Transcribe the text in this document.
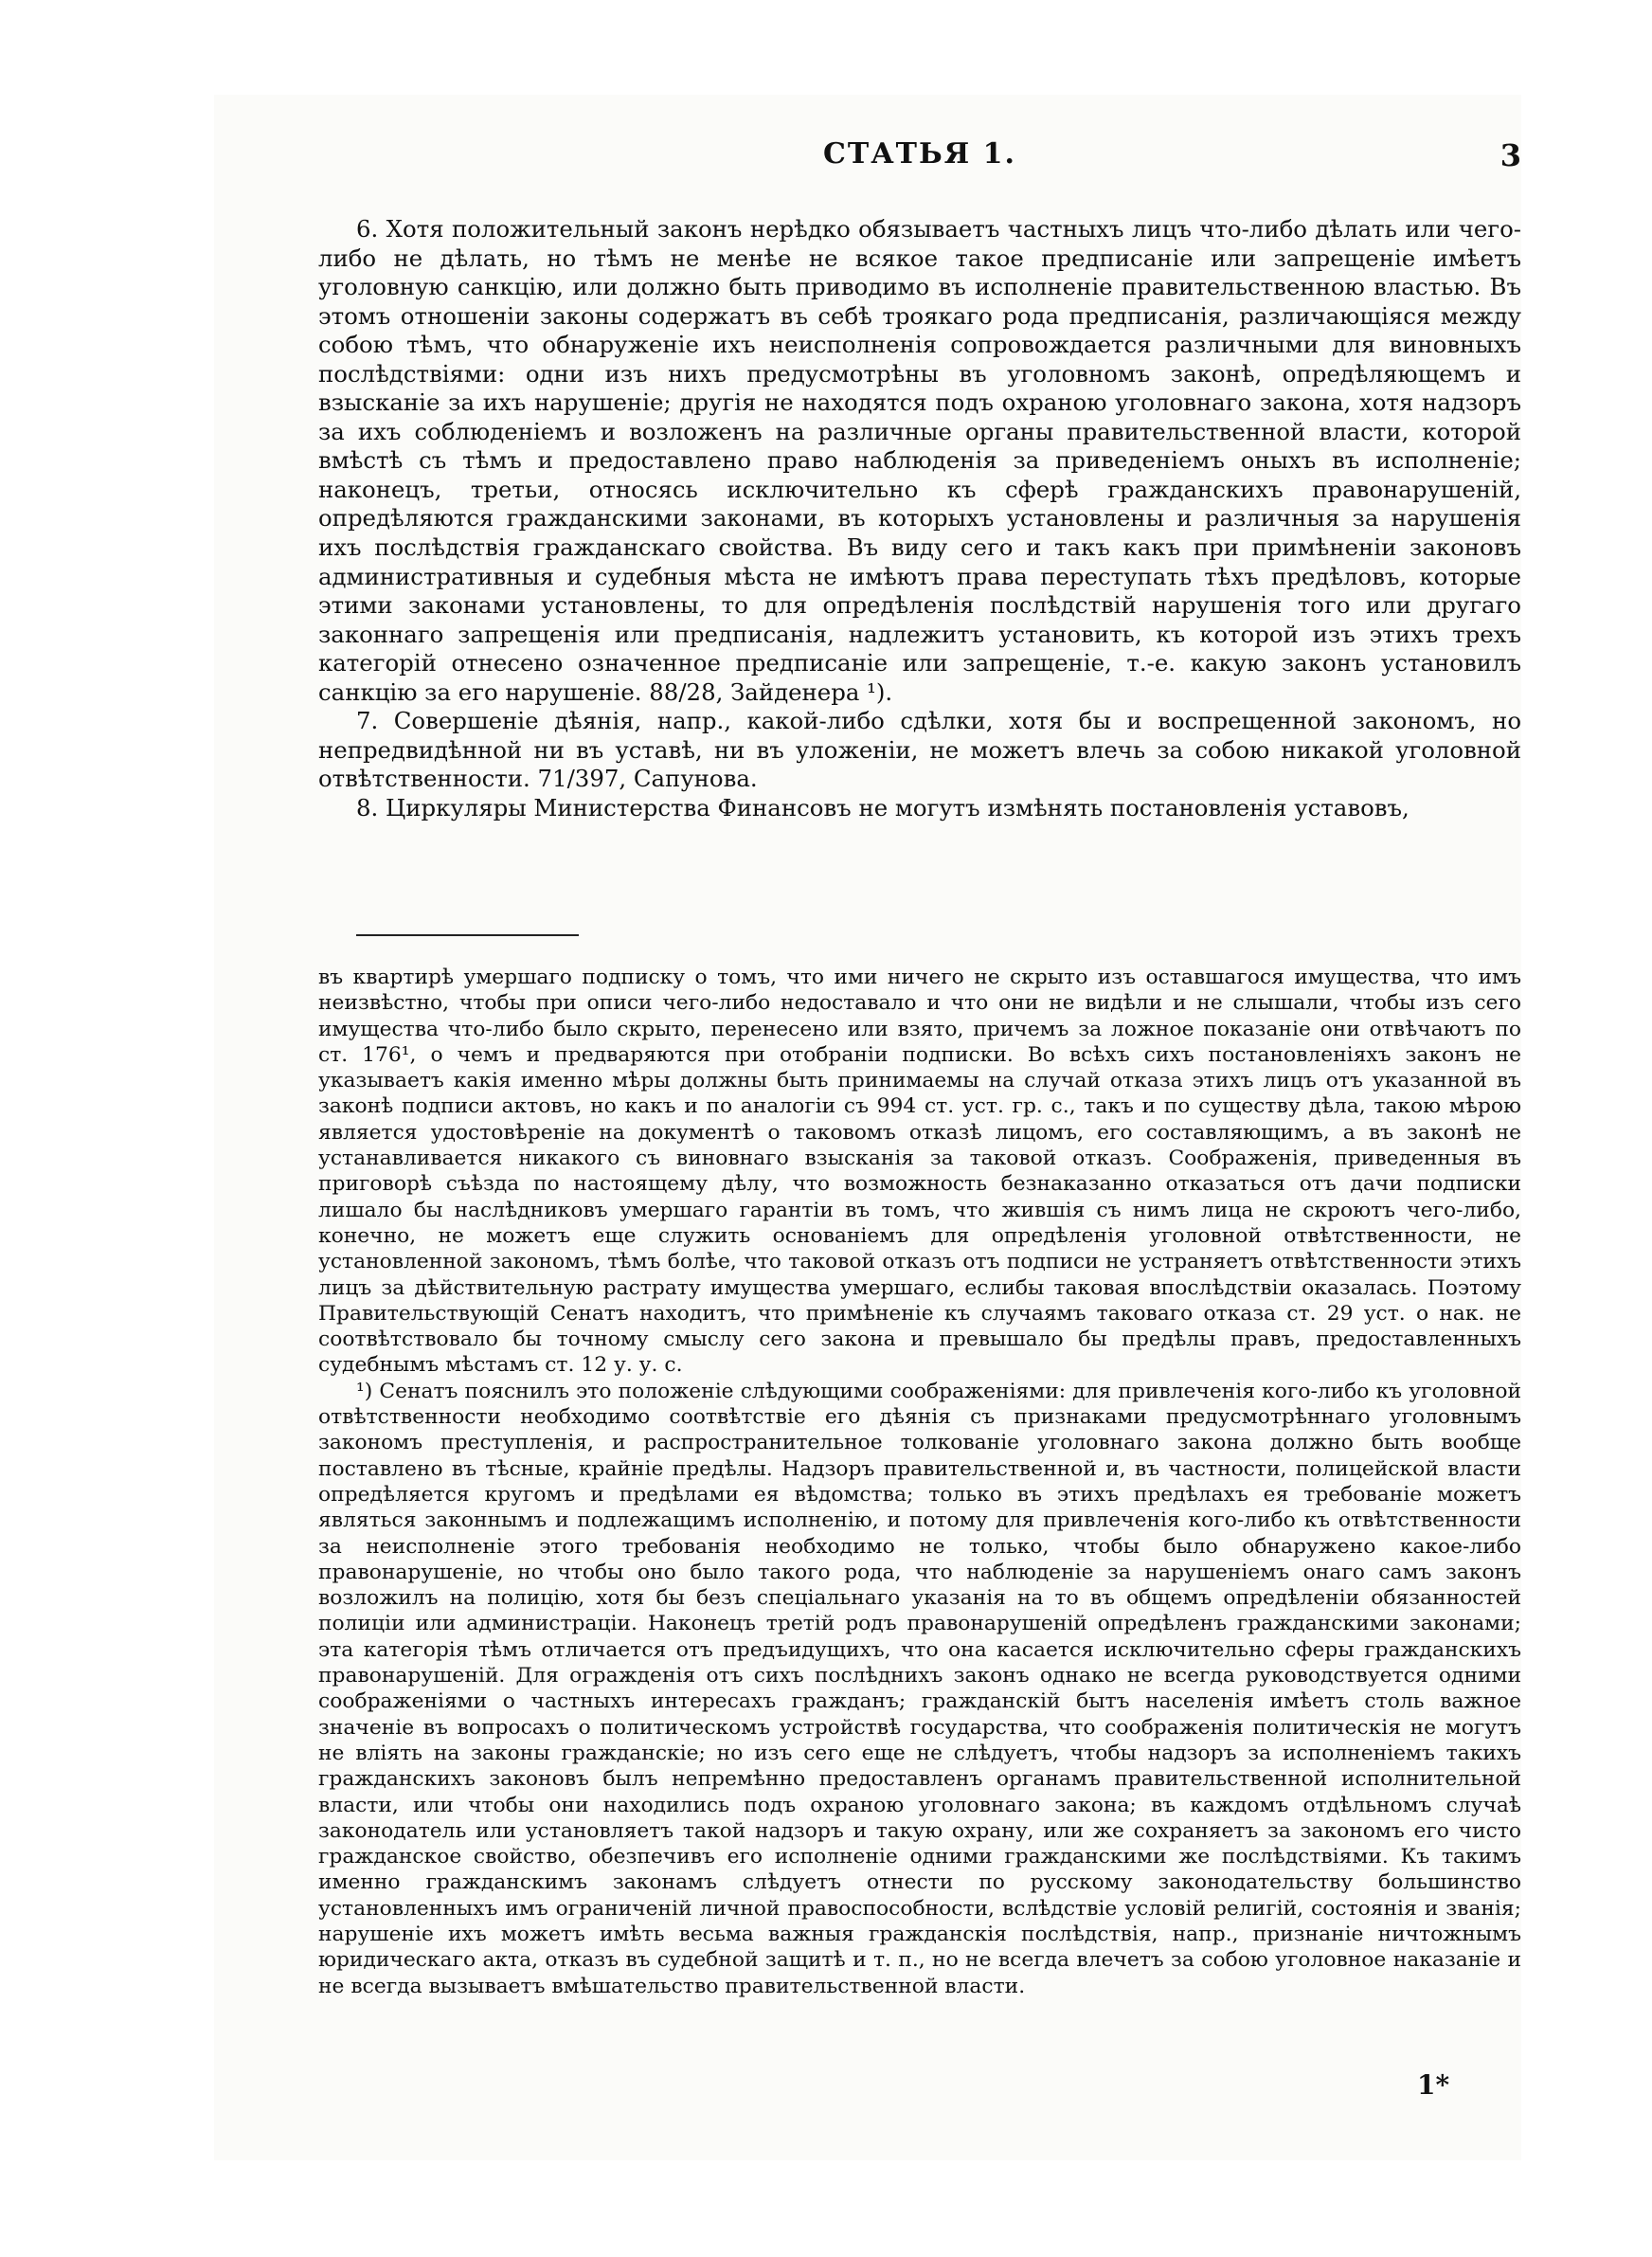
СТАТЬЯ 1.	3

6. Хотя положительный законъ нерѣдко обязываетъ частныхъ лицъ что-либо дѣлать или чего-либо не дѣлать, но тѣмъ не менѣе не всякое такое предписаніе или запрещеніе имѣетъ уголовную санкцію, или должно быть приводимо въ исполненіе правительственною властью. Въ этомъ отношеніи законы содержатъ въ себѣ троякаго рода предписанія, различающіяся между собою тѣмъ, что обнаруженіе ихъ неисполненія сопровождается различными для виновныхъ послѣдствіями: одни изъ нихъ предусмотрѣны въ уголовномъ законѣ, опредѣляющемъ и взысканіе за ихъ нарушеніе; другія не находятся подъ охраною уголовнаго закона, хотя надзоръ за ихъ соблюденіемъ и возложенъ на различные органы правительственной власти, которой вмѣстѣ съ тѣмъ и предоставлено право наблюденія за приведеніемъ оныхъ въ исполненіе; наконецъ, третьи, относясь исключительно къ сферѣ гражданскихъ правонарушеній, опредѣляются гражданскими законами, въ которыхъ установлены и различныя за нарушенія ихъ послѣдствія гражданскаго свойства. Въ виду сего и такъ какъ при примѣненіи законовъ административныя и судебныя мѣста не имѣютъ права переступать тѣхъ предѣловъ, которые этими законами установлены, то для опредѣленія послѣдствій нарушенія того или другаго законнаго запрещенія или предписанія, надлежитъ установить, къ которой изъ этихъ трехъ категорій отнесено означенное предписаніе или запрещеніе, т.-е. какую законъ установилъ санкцію за его нарушеніе. 88/28, Зайденера ¹).

7. Совершеніе дѣянія, напр., какой-либо сдѣлки, хотя бы и воспрещенной закономъ, но непредвидѣнной ни въ уставѣ, ни въ уложеніи, не можетъ влечь за собою никакой уголовной отвѣтственности. 71/397, Сапунова.

8. Циркуляры Министерства Финансовъ не могутъ измѣнять постановленія уставовъ,

въ квартирѣ умершаго подписку о томъ, что ими ничего не скрыто изъ оставшагося имущества, что имъ неизвѣстно, чтобы при описи чего-либо недоставало и что они не видѣли и не слышали, чтобы изъ сего имущества что-либо было скрыто, перенесено или взято, причемъ за ложное показаніе они отвѣчаютъ по ст. 176¹, о чемъ и предваряются при отобраніи подписки. Во всѣхъ сихъ постановленіяхъ законъ не указываетъ какія именно мѣры должны быть принимаемы на случай отказа этихъ лицъ отъ указанной въ законѣ подписи актовъ, но какъ и по аналогіи съ 994 ст. уст. гр. с., такъ и по существу дѣла, такою мѣрою является удостовѣреніе на документѣ о таковомъ отказѣ лицомъ, его составляющимъ, а въ законѣ не устанавливается никакого съ виновнаго взысканія за таковой отказъ. Соображенія, приведенныя въ приговорѣ съѣзда по настоящему дѣлу, что возможность безнаказанно отказаться отъ дачи подписки лишало бы наслѣдниковъ умершаго гарантіи въ томъ, что жившія съ нимъ лица не скроютъ чего-либо, конечно, не можетъ еще служить основаніемъ для опредѣленія уголовной отвѣтственности, не установленной закономъ, тѣмъ болѣе, что таковой отказъ отъ подписи не устраняетъ отвѣтственности этихъ лицъ за дѣйствительную растрату имущества умершаго, еслибы таковая впослѣдствіи оказалась. Поэтому Правительствующій Сенатъ находитъ, что примѣненіе къ случаямъ таковаго отказа ст. 29 уст. о нак. не соотвѣтствовало бы точному смыслу сего закона и превышало бы предѣлы правъ, предоставленныхъ судебнымъ мѣстамъ ст. 12 у. у. с.

¹) Сенатъ пояснилъ это положеніе слѣдующими соображеніями: для привлеченія кого-либо къ уголовной отвѣтственности необходимо соотвѣтствіе его дѣянія съ признаками предусмотрѣннаго уголовнымъ закономъ преступленія, и распространительное толкованіе уголовнаго закона должно быть вообще поставлено въ тѣсные, крайніе предѣлы. Надзоръ правительственной и, въ частности, полицейской власти опредѣляется кругомъ и предѣлами ея вѣдомства; только въ этихъ предѣлахъ ея требованіе можетъ являться законнымъ и подлежащимъ исполненію, и потому для привлеченія кого-либо къ отвѣтственности за неисполненіе этого требованія необходимо не только, чтобы было обнаружено какое-либо правонарушеніе, но чтобы оно было такого рода, что наблюденіе за нарушеніемъ онаго самъ законъ возложилъ на полицію, хотя бы безъ спеціальнаго указанія на то въ общемъ опредѣленіи обязанностей полиціи или администраціи. Наконецъ третій родъ правонарушеній опредѣленъ гражданскими законами; эта категорія тѣмъ отличается отъ предъидущихъ, что она касается исключительно сферы гражданскихъ правонарушеній. Для огражденія отъ сихъ послѣднихъ законъ однако не всегда руководствуется одними соображеніями о частныхъ интересахъ гражданъ; гражданскій бытъ населенія имѣетъ столь важное значеніе въ вопросахъ о политическомъ устройствѣ государства, что соображенія политическія не могутъ не вліять на законы гражданскіе; но изъ сего еще не слѣдуетъ, чтобы надзоръ за исполненіемъ такихъ гражданскихъ законовъ былъ непремѣнно предоставленъ органамъ правительственной исполнительной власти, или чтобы они находились подъ охраною уголовнаго закона; въ каждомъ отдѣльномъ случаѣ законодатель или установляетъ такой надзоръ и такую охрану, или же сохраняетъ за закономъ его чисто гражданское свойство, обезпечивъ его исполненіе одними гражданскими же послѣдствіями. Къ такимъ именно гражданскимъ законамъ слѣдуетъ отнести по русскому законодательству большинство установленныхъ имъ ограниченій личной правоспособности, вслѣдствіе условій религій, состоянія и званія; нарушеніе ихъ можетъ имѣть весьма важныя гражданскія послѣдствія, напр., признаніе ничтожнымъ юридическаго акта, отказъ въ судебной защитѣ и т. п., но не всегда влечетъ за собою уголовное наказаніе и не всегда вызываетъ вмѣшательство правительственной власти.

1*
